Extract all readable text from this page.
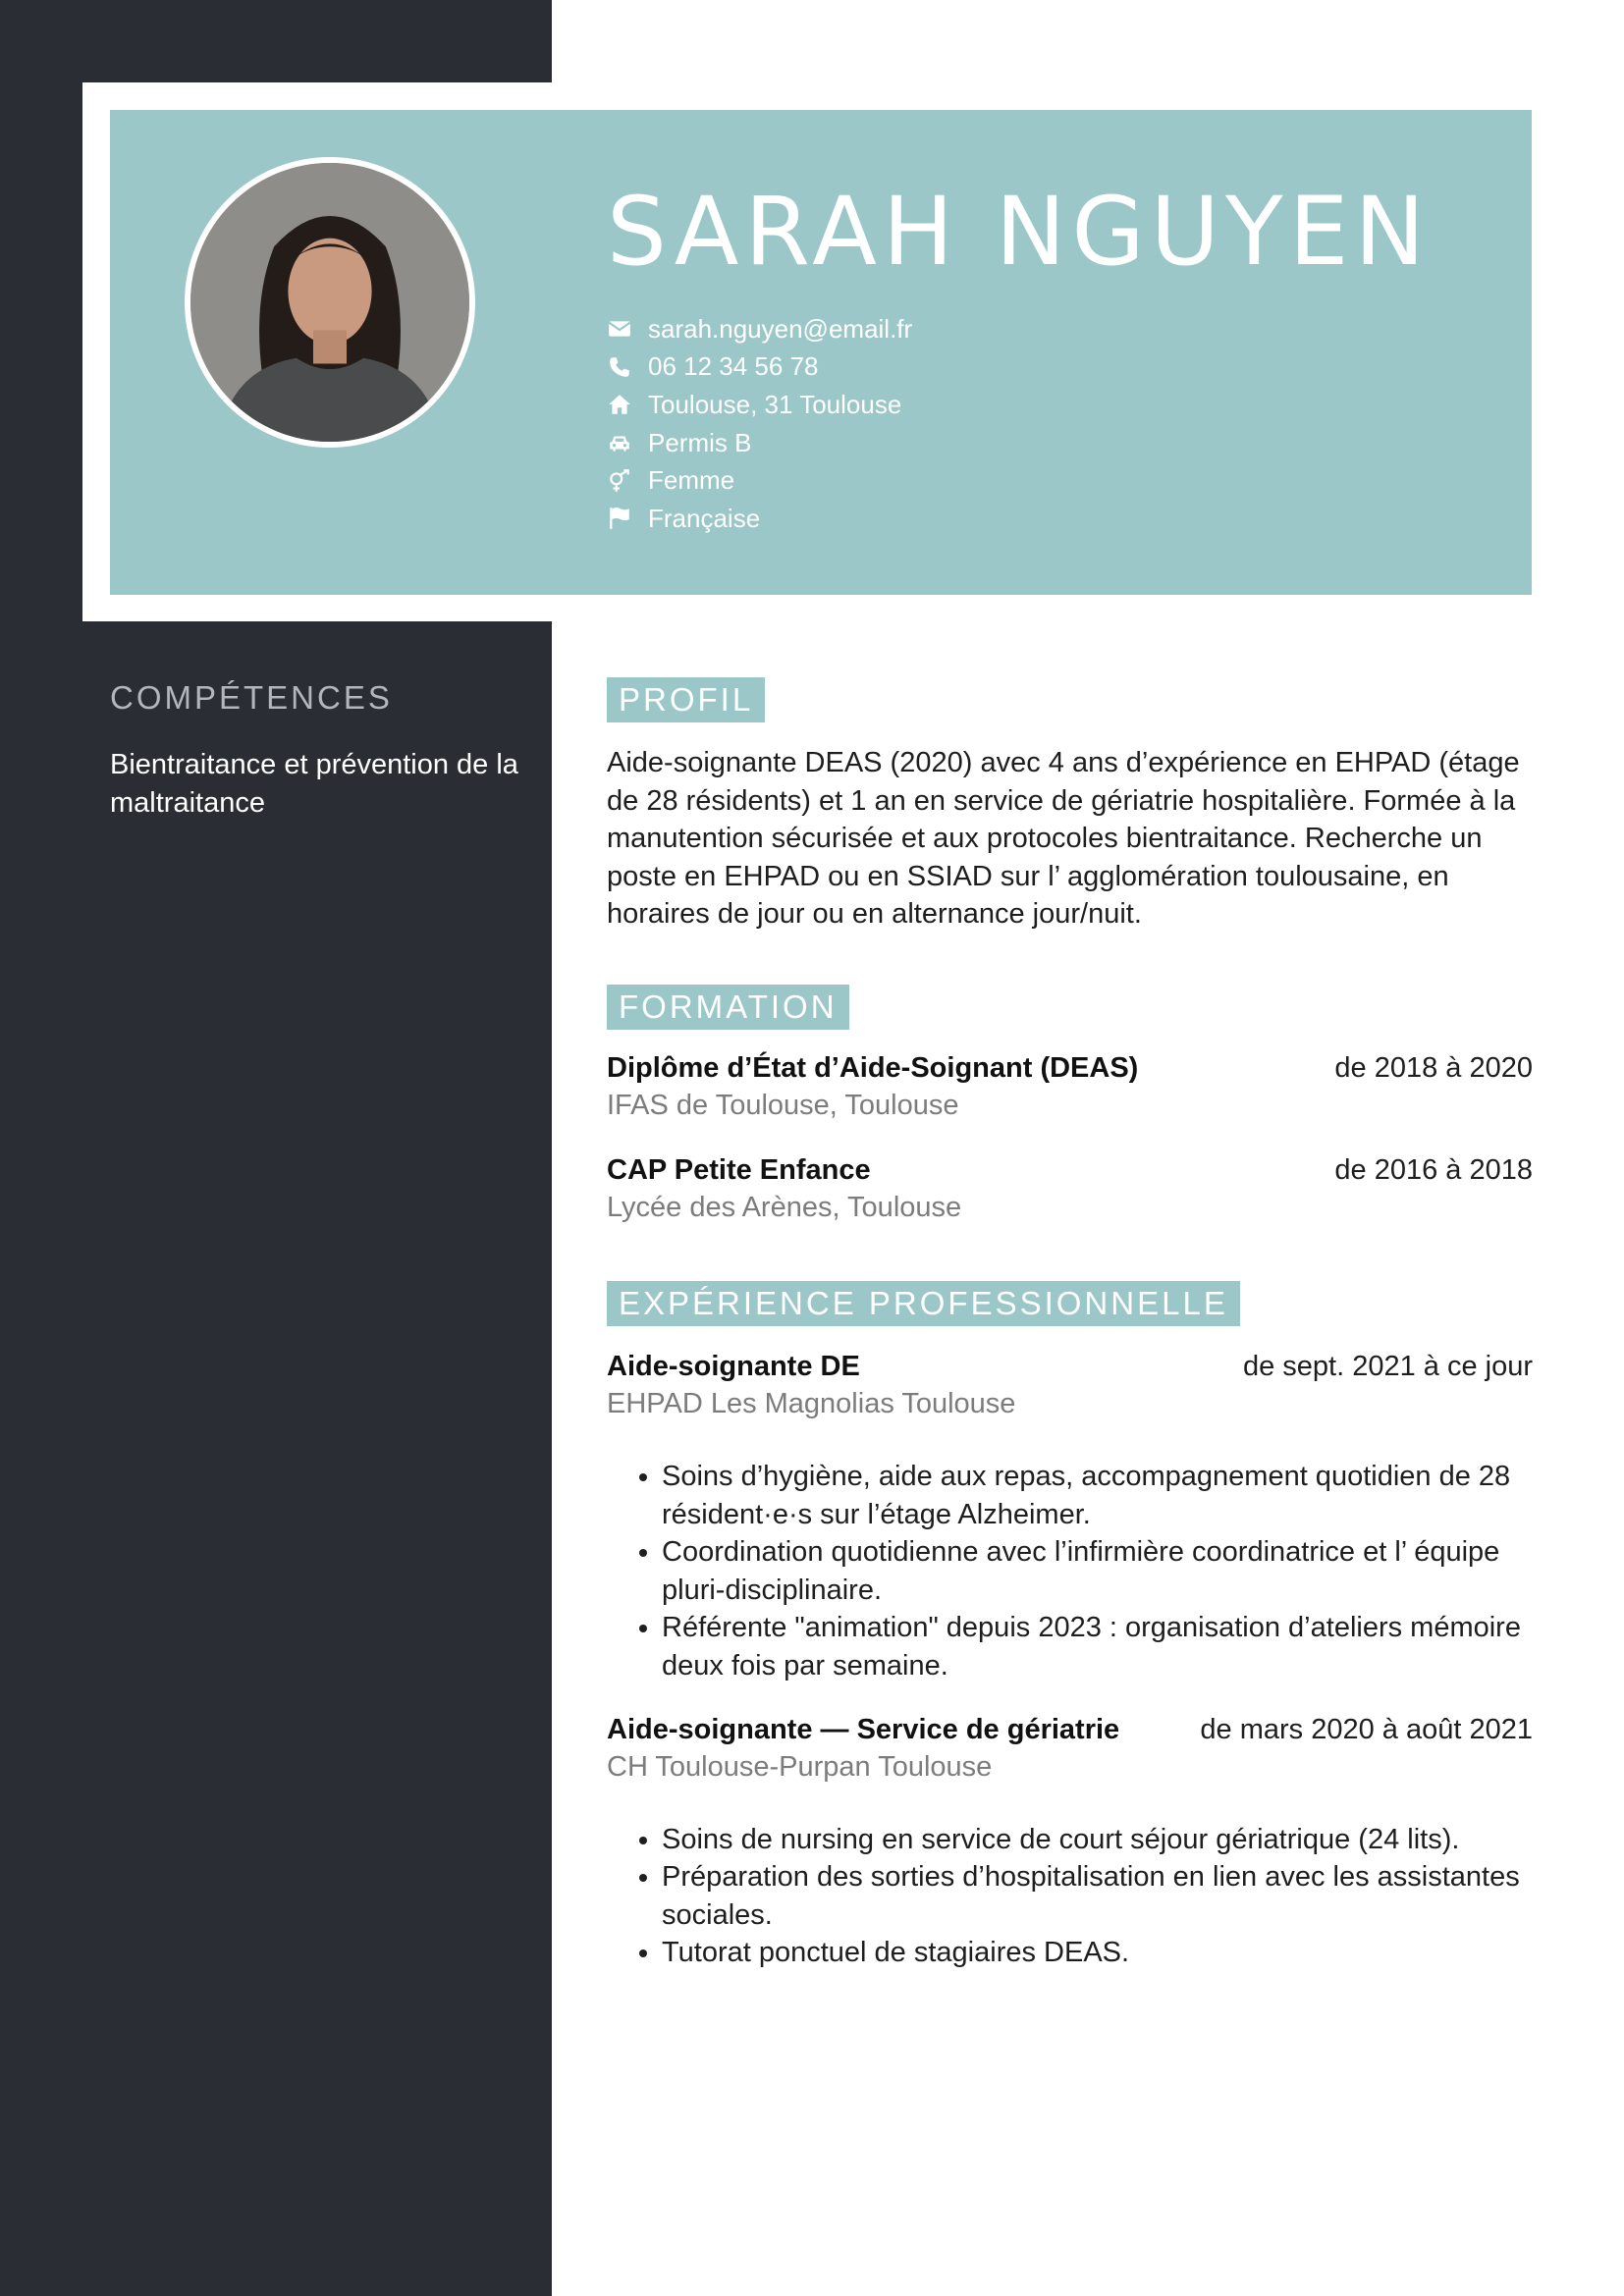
SARAH NGUYEN
sarah.nguyen@email.fr
06 12 34 56 78
Toulouse, 31 Toulouse
Permis B
Femme
Française
COMPÉTENCES

Bientraitance et prévention de la maltraitance

PROFIL

Aide-soignante DEAS (2020) avec 4 ans d’expérience en EHPAD (étage de 28 résidents) et 1 an en service de gériatrie hospitalière. Formée à la manutention sécurisée et aux protocoles bientraitance. Recherche un poste en EHPAD ou en SSIAD sur l’ agglomération toulousaine, en horaires de jour ou en alternance jour/nuit.

FORMATION
Diplôme d’État d’Aide-Soignant (DEAS)	de 2018 à 2020
IFAS de Toulouse, Toulouse
CAP Petite Enfance	de 2016 à 2018
Lycée des Arènes, Toulouse
EXPÉRIENCE PROFESSIONNELLE
Aide-soignante DE	de sept. 2021 à ce jour
EHPAD Les Magnolias Toulouse
• Soins d’hygiène, aide aux repas, accompagnement quotidien de 28 résident·e·s sur l’étage Alzheimer.
• Coordination quotidienne avec l’infirmière coordinatrice et l’ équipe pluri-disciplinaire.
• Référente "animation" depuis 2023 : organisation d’ateliers mémoire deux fois par semaine.
Aide-soignante — Service de gériatrie	de mars 2020 à août 2021
CH Toulouse-Purpan Toulouse
• Soins de nursing en service de court séjour gériatrique (24 lits).
• Préparation des sorties d’hospitalisation en lien avec les assistantes sociales.
• Tutorat ponctuel de stagiaires DEAS.
